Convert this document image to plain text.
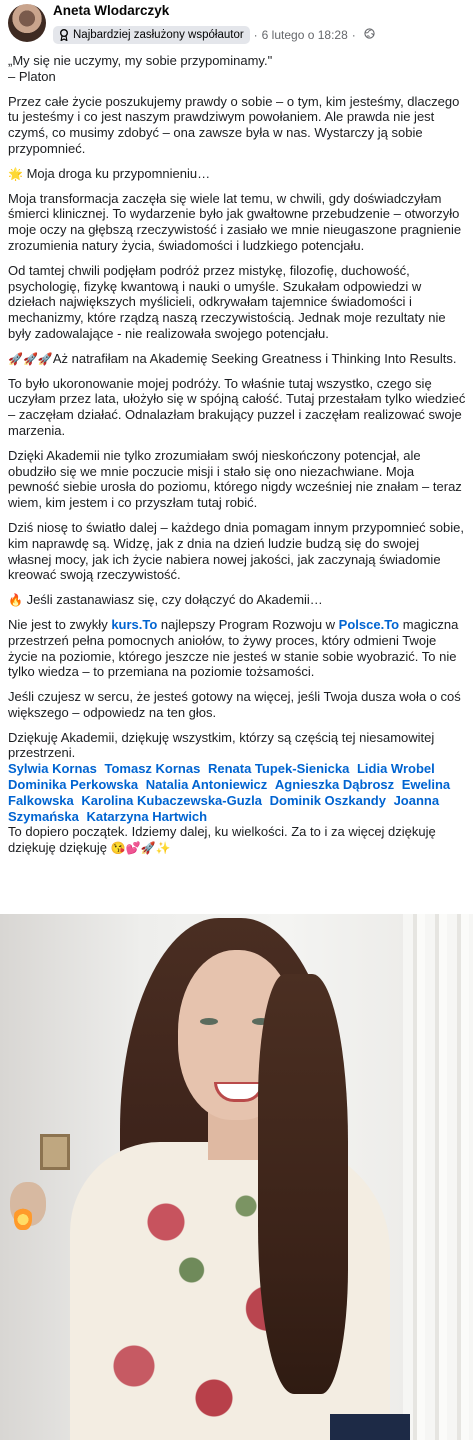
Aneta Wlodarczyk
Najbardziej zasłużony współautor · 6 lutego o 18:28 ·

„My się nie uczymy, my sobie przypominamy."
– Platon

Przez całe życie poszukujemy prawdy o sobie – o tym, kim jesteśmy, dlaczego tu jesteśmy i co jest naszym prawdziwym powołaniem. Ale prawda nie jest czymś, co musimy zdobyć – ona zawsze była w nas. Wystarczy ją sobie przypomnieć.

🌟 Moja droga ku przypomnieniu…

Moja transformacja zaczęła się wiele lat temu, w chwili, gdy doświadczyłam śmierci klinicznej. To wydarzenie było jak gwałtowne przebudzenie – otworzyło moje oczy na głębszą rzeczywistość i zasiało we mnie nieugaszone pragnienie zrozumienia natury życia, świadomości i ludzkiego potencjału.

Od tamtej chwili podjęłam podróż przez mistykę, filozofię, duchowość, psychologię, fizykę kwantową i nauki o umyśle. Szukałam odpowiedzi w dziełach największych myślicieli, odkrywałam tajemnice świadomości i mechanizmy, które rządzą naszą rzeczywistością. Jednak moje rezultaty nie były zadowalające - nie realizowała swojego potencjału.

🚀🚀🚀Aż natrafiłam na Akademię Seeking Greatness i Thinking Into Results.

To było ukoronowanie mojej podróży. To właśnie tutaj wszystko, czego się uczyłam przez lata, ułożyło się w spójną całość. Tutaj przestałam tylko wiedzieć – zaczęłam działać. Odnalazłam brakujący puzzel i zaczęłam realizować swoje marzenia.

Dzięki Akademii nie tylko zrozumiałam swój nieskończony potencjał, ale obudziło się we mnie poczucie misji i stało się ono niezachwiane. Moja pewność siebie urosła do poziomu, którego nigdy wcześniej nie znałam – teraz wiem, kim jestem i co przyszłam tutaj robić.

Dziś niosę to światło dalej – każdego dnia pomagam innym przypomnieć sobie, kim naprawdę są. Widzę, jak z dnia na dzień ludzie budzą się do swojej własnej mocy, jak ich życie nabiera nowej jakości, jak zaczynają świadomie kreować swoją rzeczywistość.

🔥 Jeśli zastanawiasz się, czy dołączyć do Akademii…

Nie jest to zwykły kurs.To najlepszy Program Rozwoju w Polsce.To magiczna przestrzeń pełna pomocnych aniołów, to żywy proces, który odmieni Twoje życie na poziomie, którego jeszcze nie jesteś w stanie sobie wyobrazić. To nie tylko wiedza – to przemiana na poziomie tożsamości.

Jeśli czujesz w sercu, że jesteś gotowy na więcej, jeśli Twoja dusza woła o coś większego – odpowiedz na ten głos.

Dziękuję Akademii, dziękuję wszystkim, którzy są częścią tej niesamowitej przestrzeni.
Sylwia Kornas Tomasz Kornas Renata Tupek-Sienicka Lidia Wrobel Dominika Perkowska Natalia Antoniewicz Agnieszka Dąbrosz Ewelina Falkowska Karolina Kubaczewska-Guzla Dominik Oszkandy Joanna Szymańska Katarzyna Hartwich

To dopiero początek. Idziemy dalej, ku wielkości. Za to i za więcej dziękuję dziękuję dziękuję 😘💕🚀✨
